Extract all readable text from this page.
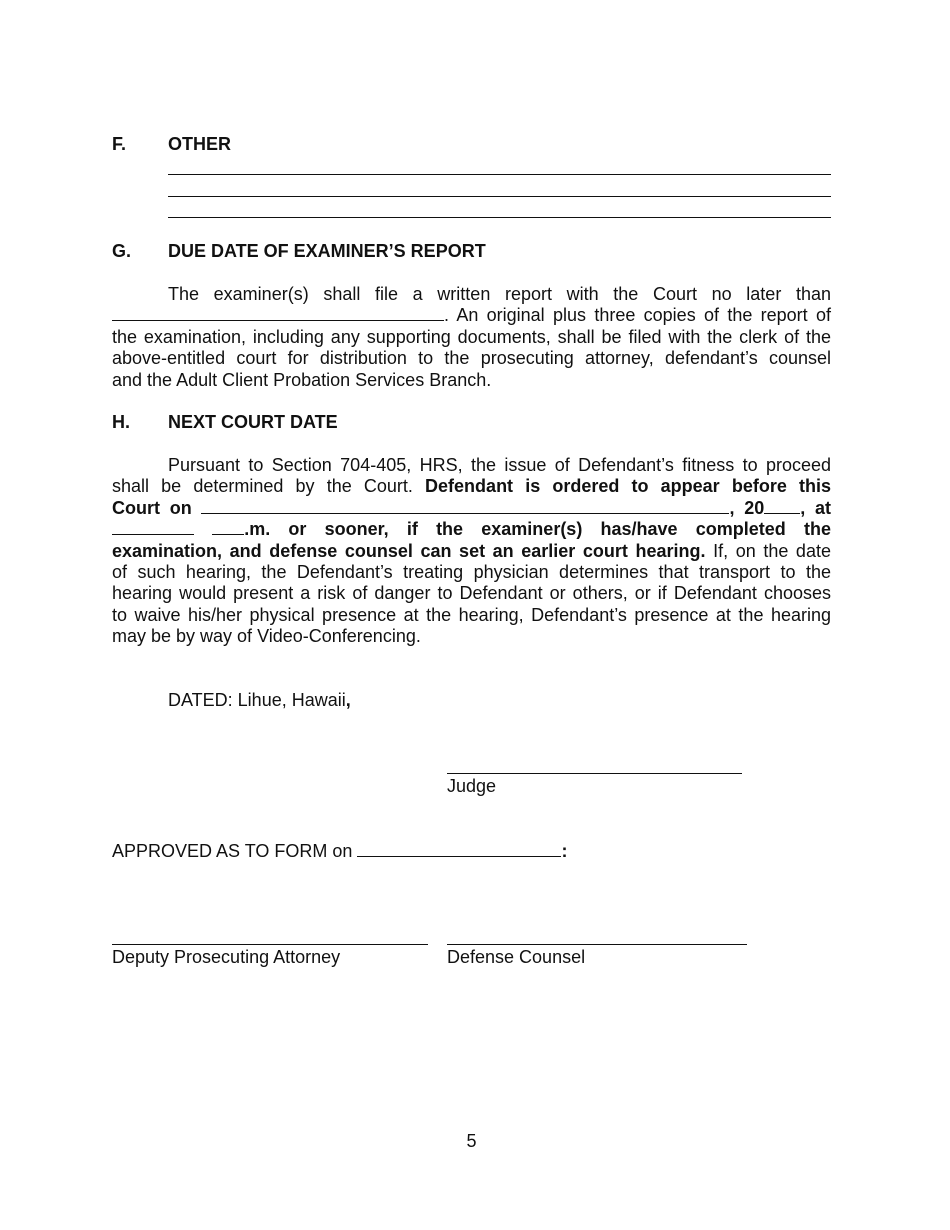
F. OTHER
G. DUE DATE OF EXAMINER’S REPORT
The examiner(s) shall file a written report with the Court no later than
. An original plus three copies of the report of
the examination, including any supporting documents, shall be filed with the clerk of the
above-entitled court for distribution to the prosecuting attorney, defendant’s counsel
and the Adult Client Probation Services Branch.
H. NEXT COURT DATE
Pursuant to Section 704-405, HRS, the issue of Defendant’s fitness to proceed
shall be determined by the Court. Defendant is ordered to appear before this
Court on	, 20 , at
.m. or sooner, if the examiner(s) has/have completed the
examination, and defense counsel can set an earlier court hearing. If, on the date
of such hearing, the Defendant’s treating physician determines that transport to the
hearing would present a risk of danger to Defendant or others, or if Defendant chooses
to waive his/her physical presence at the hearing, Defendant’s presence at the hearing
may be by way of Video-Conferencing.
DATED: Lihue, Hawaii,
Judge
APPROVED AS TO FORM on	:
Deputy Prosecuting Attorney	Defense Counsel
5
